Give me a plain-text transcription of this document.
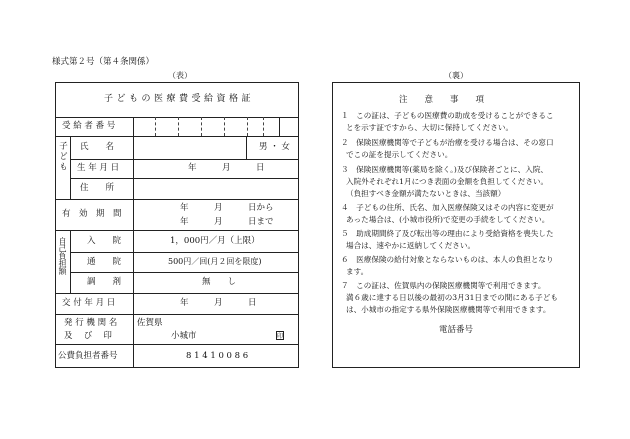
様式第２号（第４条関係）
（表）	（裏）
子どもの医療費受給資格証
受 給 者 番 号
子ども 氏　　名	男 ・ 女
生 年 月 日	年　　　月　　　日
住　　所
有　効　期　間
年　　　月　　　日から
年　　　月　　　日まで
自己負担額 入　　院	1，000円／月（上限）
通　　院	500円／回(月２回を限度)
調　　剤	無　　し
交 付 年 月 日	年　　　月　　　日
発 行 機 関 名
及　 び　 印
佐賀県
小城市	印
公費負担者番号	8 1 4 1 0 0 8 6
注　　意　　事　　項
１　この証は、子どもの医療費の助成を受けることができるこ
とを示す証ですから、大切に保持してください。
２　保険医療機関等で子どもが治療を受ける場合は、その窓口
でこの証を提示してください。
３　保険医療機関等(薬局を除く。)及び保険者ごとに、入院、
入院外それぞれ1月につき表面の金額を負担してください。
（負担すべき金額が満たないときは、当該額）
４　子どもの住所、氏名、加入医療保険又はその内容に変更が
あった場合は、(小城市役所)で変更の手続をしてください。
５　助成期間終了及び転出等の理由により受給資格を喪失した
場合は、速やかに返納してください。
６　医療保険の給付対象とならないものは、本人の負担となり
ます。
７　この証は、佐賀県内の保険医療機関等で利用できます。
満６歳に達する日以後の最初の3月31日までの間にある子ども
は、小城市の指定する県外保険医療機関等で利用できます。
電話番号
